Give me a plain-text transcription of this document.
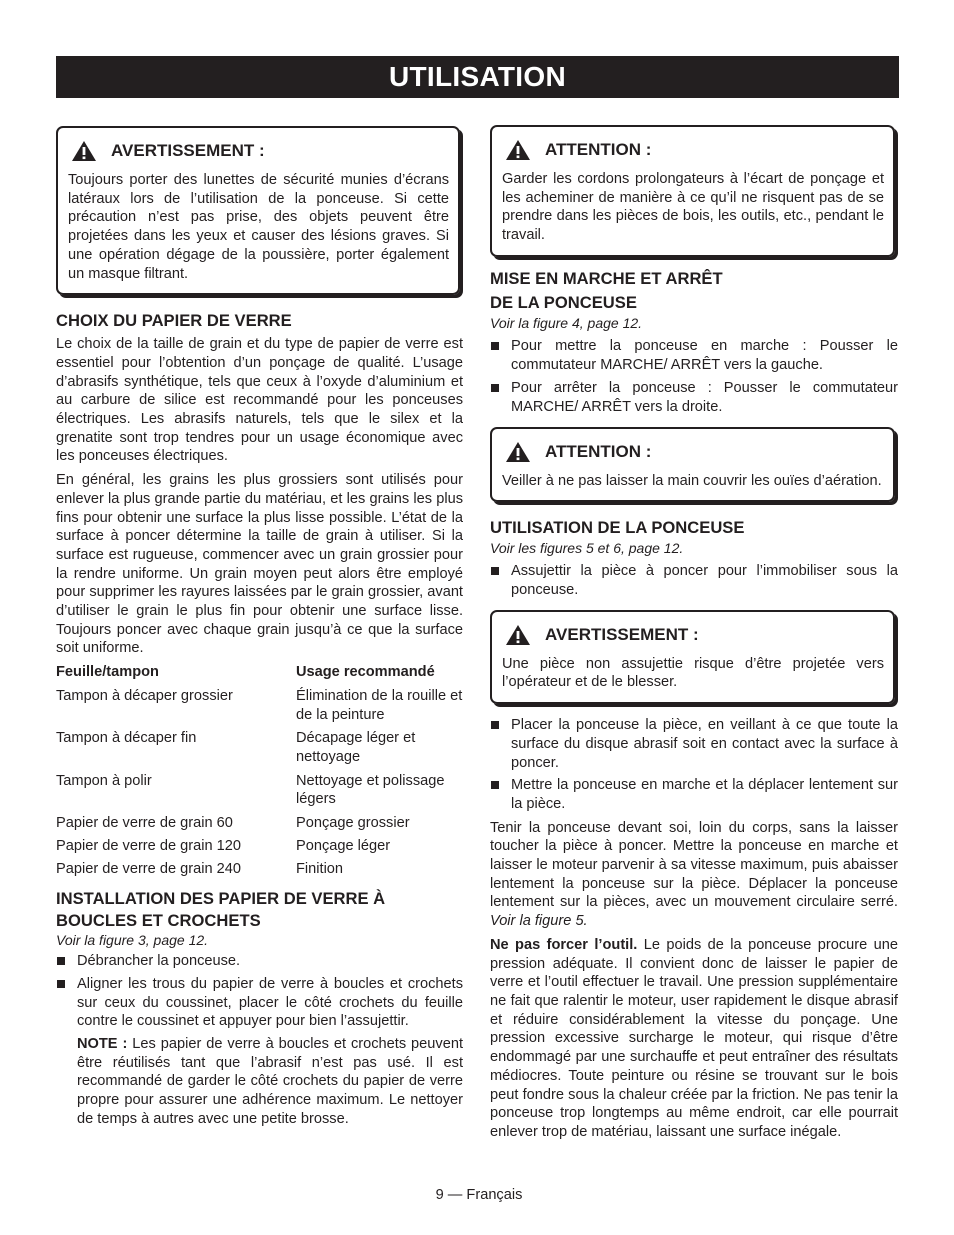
UTILISATION
AVERTISSEMENT :
Toujours porter des lunettes de sécurité munies d’écrans latéraux lors de l’utilisation de la ponceuse. Si cette précaution n’est pas prise, des objets peuvent être projetées dans les yeux et causer des lésions graves. Si une opération dégage de la poussière, porter également un masque filtrant.
CHOIX DU PAPIER DE VERRE

Le choix de la taille de grain et du type de papier de verre est essentiel pour l’obtention d’un ponçage de qualité. L’usage d’abrasifs synthétique, tels que ceux à l’oxyde d’aluminium et au carbure de silice est recommandé pour les ponceuses électriques. Les abrasifs naturels, tels que le silex et la grenatite sont trop tendres pour un usage économique avec les ponceuses électriques.

En général, les grains les plus grossiers sont utilisés pour enlever la plus grande partie du matériau, et les grains les plus fins pour obtenir une surface la plus lisse possible. L’état de la surface à poncer détermine la taille de grain à utiliser. Si la surface est rugueuse, commencer avec un grain grossier pour la rendre uniforme. Un grain moyen peut alors être employé pour supprimer les rayures laissées par le grain grossier, avant d’utiliser le grain le plus fin pour obtenir une surface lisse. Toujours poncer avec chaque grain jusqu’à ce que la surface soit uniforme.

Feuille/tampon	Usage recommandé
Tampon à décaper grossier	Élimination de la rouille et de la peinture
Tampon à décaper fin	Décapage léger et nettoyage
Tampon à polir	Nettoyage et polissage légers
Papier de verre de grain 60	Ponçage grossier
Papier de verre de grain 120	Ponçage léger
Papier de verre de grain 240	Finition
INSTALLATION DES PAPIER DE VERRE À
BOUCLES ET CROCHETS
Voir la figure 3, page 12.
Débrancher la ponceuse.
Aligner les trous du papier de verre à boucles et crochets sur ceux du coussinet, placer le côté crochets du feuille contre le coussinet et appuyer pour bien l’assujettir.

NOTE : Les papier de verre à boucles et crochets peuvent être réutilisés tant que l’abrasif n’est pas usé. Il est recommandé de garder le côté crochets du papier de verre propre pour assurer une adhérence maximum. Le nettoyer de temps à autres avec une petite brosse.

ATTENTION :
Garder les cordons prolongateurs à l’écart de ponçage et les acheminer de manière à ce qu’il ne risquent pas de se prendre dans les pièces de bois, les outils, etc., pendant le travail.
MISE EN MARCHE ET ARRÊT
DE LA PONCEUSE
Voir la figure 4, page 12.
Pour mettre la ponceuse en marche : Pousser le commutateur MARCHE/ ARRÊT vers la gauche.
Pour arrêter la ponceuse : Pousser le commutateur MARCHE/ ARRÊT vers la droite.
ATTENTION :
Veiller à ne pas laisser la main couvrir les ouïes d’aération.
UTILISATION DE LA PONCEUSE
Voir les figures 5 et 6, page 12.
Assujettir la pièce à poncer pour l’immobiliser sous la ponceuse.
AVERTISSEMENT :
Une pièce non assujettie risque d’être projetée vers l’opérateur et de le blesser.
Placer la ponceuse la pièce, en veillant à ce que toute la surface du disque abrasif soit en contact avec la surface à poncer.
Mettre la ponceuse en marche et la déplacer lentement sur la pièce.

Tenir la ponceuse devant soi, loin du corps, sans la laisser toucher la pièce à poncer. Mettre la ponceuse en marche et laisser le moteur parvenir à sa vitesse maximum, puis abaisser lentement la ponceuse sur la pièce. Déplacer la ponceuse lentement sur la pièces, avec un mouvement circulaire serré. Voir la figure 5.

Ne pas forcer l’outil. Le poids de la ponceuse procure une pression adéquate. Il convient donc de laisser le papier de verre et l’outil effectuer le travail. Une pression supplémentaire ne fait que ralentir le moteur, user rapidement le disque abrasif et réduire considérablement la vitesse du ponçage. Une pression excessive surcharge le moteur, qui risque d’être endommagé par une surchauffe et peut entraîner des résultats médiocres. Toute peinture ou résine se trouvant sur le bois peut fondre sous la chaleur créée par la friction. Ne pas tenir la ponceuse trop longtemps au même endroit, car elle pourrait enlever trop de matériau, laissant une surface inégale.

9 — Français
